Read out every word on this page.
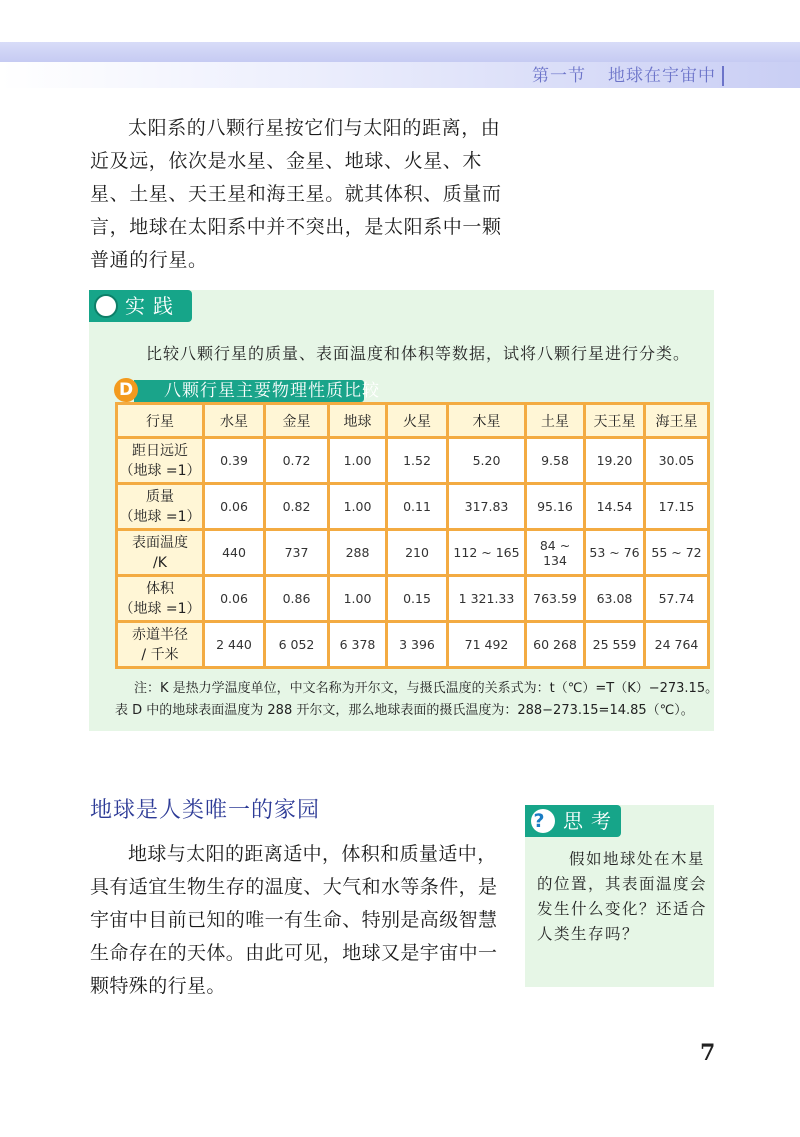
第一节 地球在宇宙中

太阳系的八颗行星按它们与太阳的距离，由近及远，依次是水星、金星、地球、火星、木星、土星、天王星和海王星。就其体积、质量而言，地球在太阳系中并不突出，是太阳系中一颗普通的行星。

实践
比较八颗行星的质量、表面温度和体积等数据，试将八颗行星进行分类。
八颗行星主要物理性质比较
D
行星	水星	金星	地球	火星	木星	土星	天王星	海王星
距日远近
（地球 =1）	0.39	0.72	1.00	1.52	5.20	9.58	19.20	30.05
质量
（地球 =1）	0.06	0.82	1.00	0.11	317.83	95.16	14.54	17.15
表面温度
/K	440	737	288	210	112 ~ 165	84 ~ 134	53 ~ 76	55 ~ 72
体积
（地球 =1）	0.06	0.86	1.00	0.15	1 321.33	763.59	63.08	57.74
赤道半径
/ 千米	2 440	6 052	6 378	3 396	71 492	60 268	25 559	24 764
注：K 是热力学温度单位，中文名称为开尔文，与摄氏温度的关系式为：t（℃）=T（K）−273.15。
表 D 中的地球表面温度为 288 开尔文，那么地球表面的摄氏温度为：288−273.15=14.85（℃）。
地球是人类唯一的家园

地球与太阳的距离适中，体积和质量适中，具有适宜生物生存的温度、大气和水等条件，是宇宙中目前已知的唯一有生命、特别是高级智慧生命存在的天体。由此可见，地球又是宇宙中一颗特殊的行星。

? 思考

假如地球处在木星的位置，其表面温度会发生什么变化？还适合人类生存吗？

7
